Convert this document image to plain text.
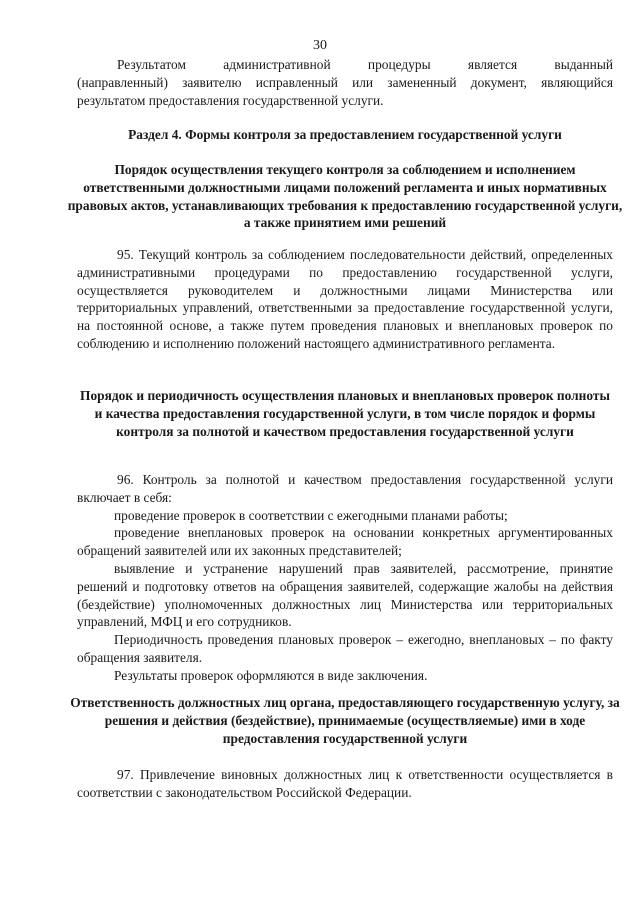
30

Результатом административной процедуры является выданный

(направленный) заявителю исправленный или замененный документ, являющийся результатом предоставления государственной услуги.

Раздел 4. Формы контроля за предоставлением государственной услуги
Порядок осуществления текущего контроля за соблюдением и исполнением ответственными должностными лицами положений регламента и иных нормативных правовых актов, устанавливающих требования к предоставлению государственной услуги, а также принятием ими решений
95. Текущий контроль за соблюдением последовательности действий, определенных административными процедурами по предоставлению государственной услуги, осуществляется руководителем и должностными лицами Министерства или территориальных управлений, ответственными за предоставление государственной услуги, на постоянной основе, а также путем проведения плановых и внеплановых проверок по соблюдению и исполнению положений настоящего административного регламента.
Порядок и периодичность осуществления плановых и внеплановых проверок полноты и качества предоставления государственной услуги, в том числе порядок и формы контроля за полнотой и качеством предоставления государственной услуги

96. Контроль за полнотой и качеством предоставления государственной услуги включает в себя:

проведение проверок в соответствии с ежегодными планами работы;

проведение внеплановых проверок на основании конкретных аргументированных обращений заявителей или их законных представителей;

выявление и устранение нарушений прав заявителей, рассмотрение, принятие решений и подготовку ответов на обращения заявителей, содержащие жалобы на действия (бездействие) уполномоченных должностных лиц Министерства или территориальных управлений, МФЦ и его сотрудников.

Периодичность проведения плановых проверок – ежегодно, внеплановых – по факту обращения заявителя.

Результаты проверок оформляются в виде заключения.

Ответственность должностных лиц органа, предоставляющего государственную услугу, за решения и действия (бездействие), принимаемые (осуществляемые) ими в ходе предоставления государственной услуги
97. Привлечение виновных должностных лиц к ответственности осуществляется в соответствии с законодательством Российской Федерации.
